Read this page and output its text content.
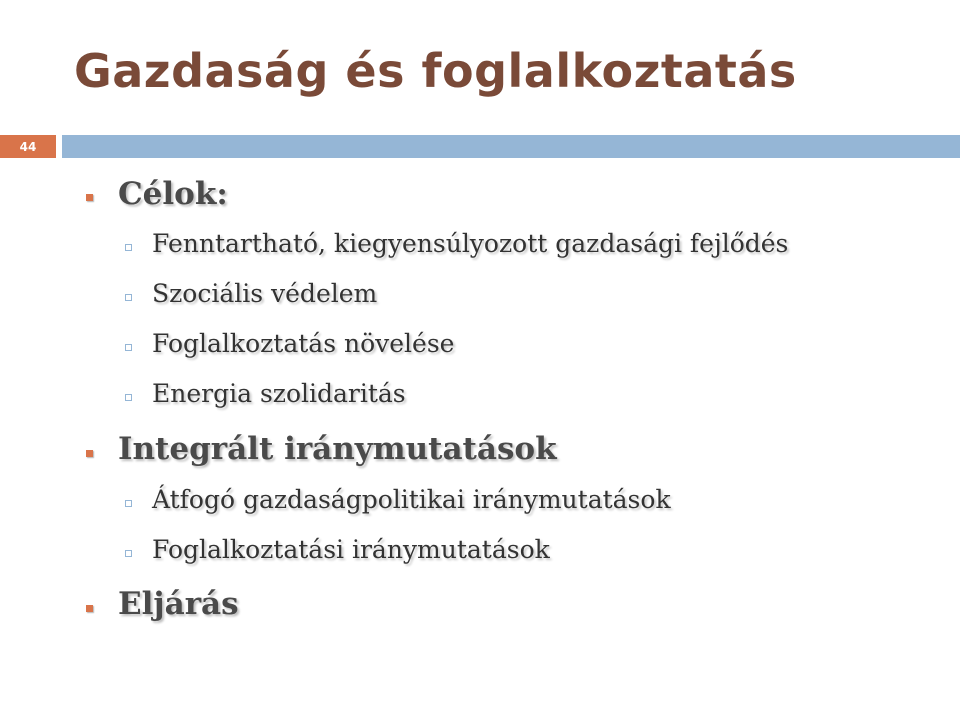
Gazdaság és foglalkoztatás
44
Célok:
Fenntartható, kiegyensúlyozott gazdasági fejlődés
Szociális védelem
Foglalkoztatás növelése
Energia szolidaritás
Integrált iránymutatások
Átfogó gazdaságpolitikai iránymutatások
Foglalkoztatási iránymutatások
Eljárás
